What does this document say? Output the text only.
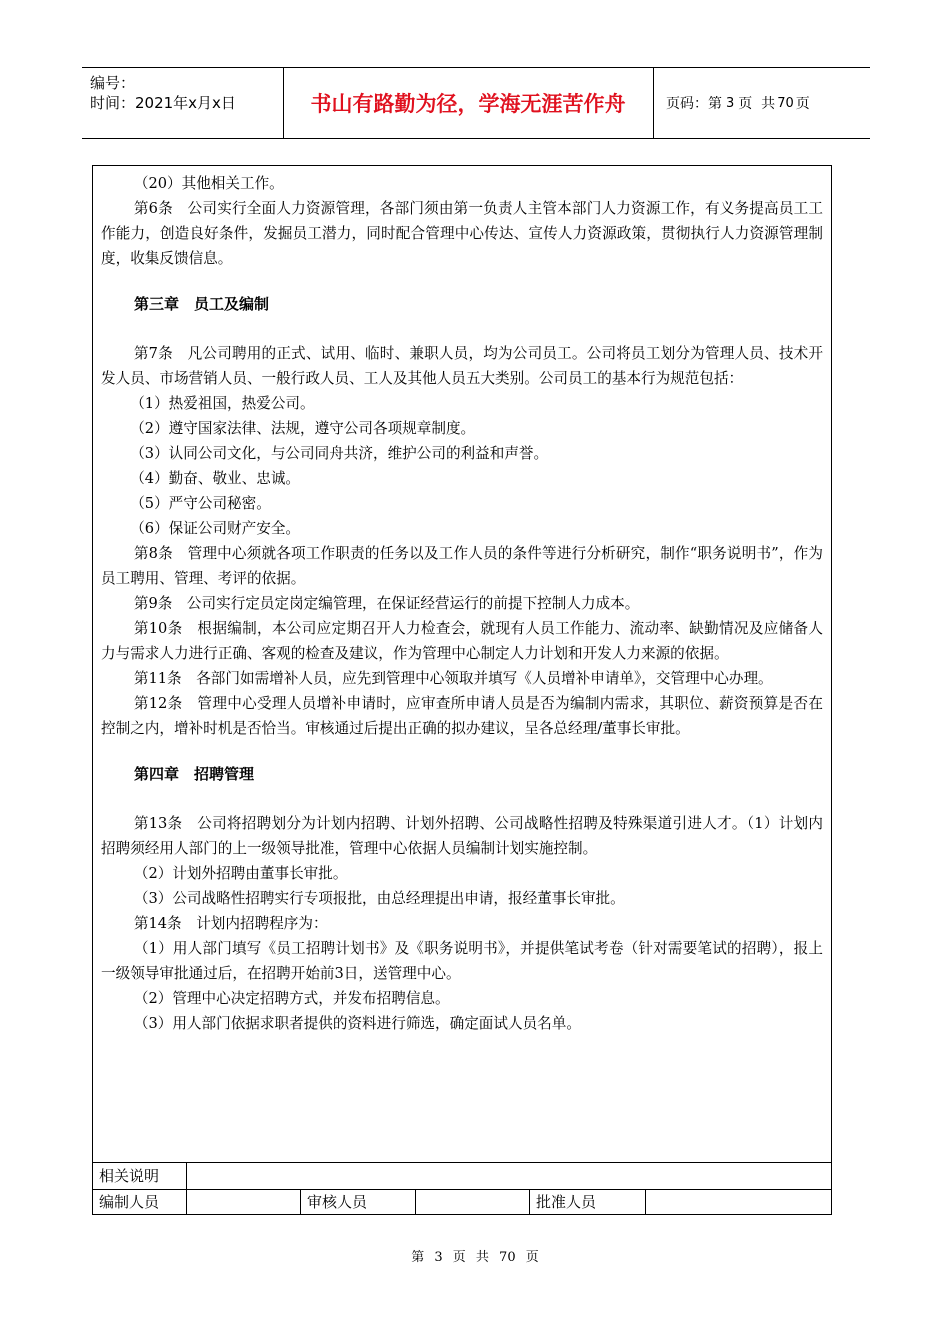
编号：
时间：2021年x月x日	书山有路勤为径，学海无涯苦作舟	页码：第 3 页  共 70 页

（20）其他相关工作。

第6条　公司实行全面人力资源管理，各部门须由第一负责人主管本部门人力资源工作，有义务提高员工工作能力，创造良好条件，发掘员工潜力，同时配合管理中心传达、宣传人力资源政策，贯彻执行人力资源管理制度，收集反馈信息。

第三章　员工及编制

第7条　凡公司聘用的正式、试用、临时、兼职人员，均为公司员工。公司将员工划分为管理人员、技术开发人员、市场营销人员、一般行政人员、工人及其他人员五大类别。公司员工的基本行为规范包括：

（1）热爱祖国，热爱公司。

（2）遵守国家法律、法规，遵守公司各项规章制度。

（3）认同公司文化，与公司同舟共济，维护公司的利益和声誉。

（4）勤奋、敬业、忠诚。

（5）严守公司秘密。

（6）保证公司财产安全。

第8条　管理中心须就各项工作职责的任务以及工作人员的条件等进行分析研究，制作“职务说明书”，作为员工聘用、管理、考评的依据。

第9条　公司实行定员定岗定编管理，在保证经营运行的前提下控制人力成本。

第10条　根据编制，本公司应定期召开人力检查会，就现有人员工作能力、流动率、缺勤情况及应储备人力与需求人力进行正确、客观的检查及建议，作为管理中心制定人力计划和开发人力来源的依据。

第11条　各部门如需增补人员，应先到管理中心领取并填写《人员增补申请单》，交管理中心办理。

第12条　管理中心受理人员增补申请时，应审查所申请人员是否为编制内需求，其职位、薪资预算是否在控制之内，增补时机是否恰当。审核通过后提出正确的拟办建议，呈各总经理/董事长审批。

第四章　招聘管理

第13条　公司将招聘划分为计划内招聘、计划外招聘、公司战略性招聘及特殊渠道引进人才。（1）计划内招聘须经用人部门的上一级领导批准，管理中心依据人员编制计划实施控制。

（2）计划外招聘由董事长审批。

（3）公司战略性招聘实行专项报批，由总经理提出申请，报经董事长审批。

第14条　计划内招聘程序为：

（1）用人部门填写《员工招聘计划书》及《职务说明书》，并提供笔试考卷（针对需要笔试的招聘），报上一级领导审批通过后，在招聘开始前3日，送管理中心。

（2）管理中心决定招聘方式，并发布招聘信息。

（3）用人部门依据求职者提供的资料进行筛选，确定面试人员名单。

相关说明
编制人员	审核人员	批准人员
第 3 页 共 70 页
